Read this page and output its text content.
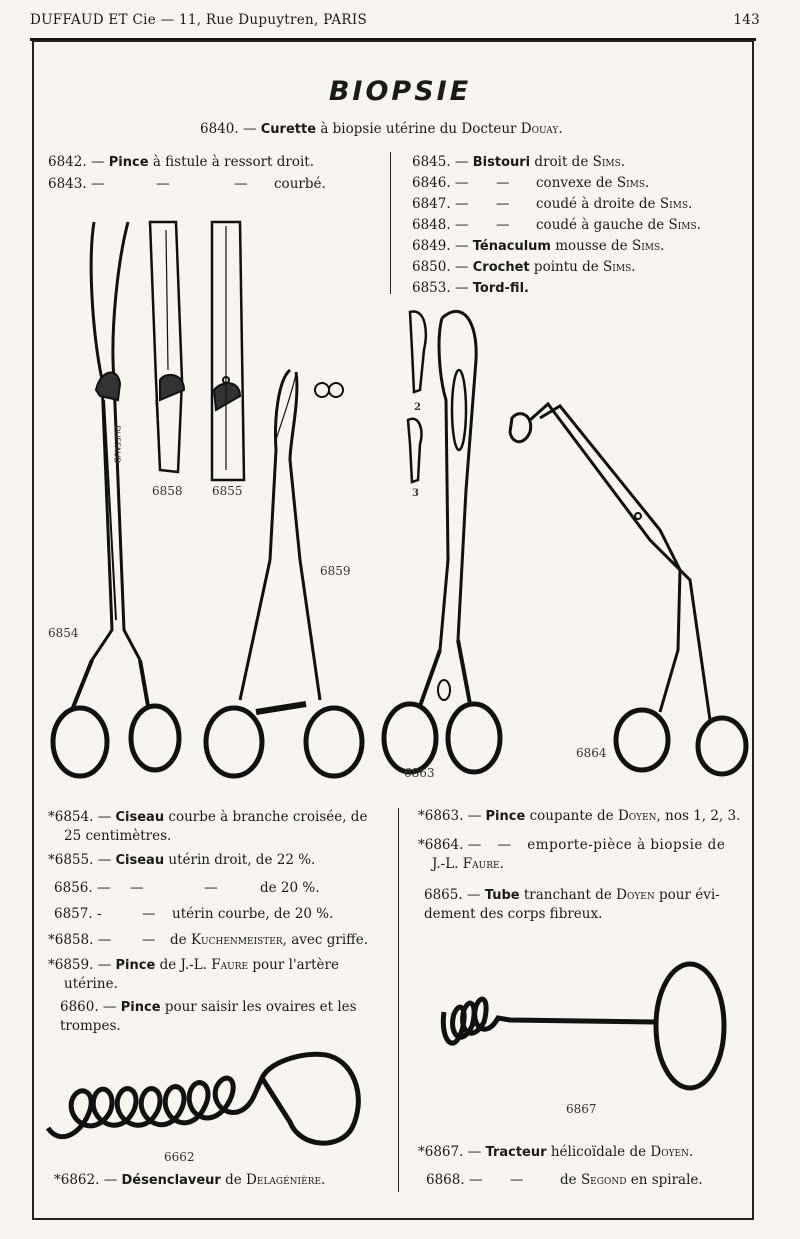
DUFFAUD ET Cie — 11, Rue Dupuytren, PARIS	143
BIOPSIE
6840. — Curette à biopsie utérine du Docteur Douay.
6842. — Pince à fistule à ressort droit.
6843. —	—	— courbé.
6845. — Bistouri droit de Sims.
6846. — — convexe de Sims.
6847. — — coudé à droite de Sims.
6848. — — coudé à gauche de Sims.
6849. — Ténaculum mousse de Sims.
6850. — Crochet pointu de Sims.
6853. — Tord-fil.
6854
6858 6855
6859
6863
6864
6867
6662
2
3
DUFFAUD
*6854. — Ciseau courbe à branche croisée, de
25 centimètres.
*6855. — Ciseau utérin droit, de 22 %.
6856. — —	—	de 20 %.
6857. -	— utérin courbe, de 20 %.
*6858. — — de Kuchenmeister, avec griffe.
*6859. — Pince de J.-L. Faure pour l'artère
utérine.
6860. — Pince pour saisir les ovaires et les
trompes.
*6862. — Désenclaveur de Delagénière.
*6863. — Pince coupante de Doyen, nos 1, 2, 3.
*6864. — — emporte-pièce à biopsie de
J.-L. Faure.
6865. — Tube tranchant de Doyen pour évi-
dement des corps fibreux.
*6867. — Tracteur hélicoïdale de Doyen.
6868. — —	de Segond en spirale.
